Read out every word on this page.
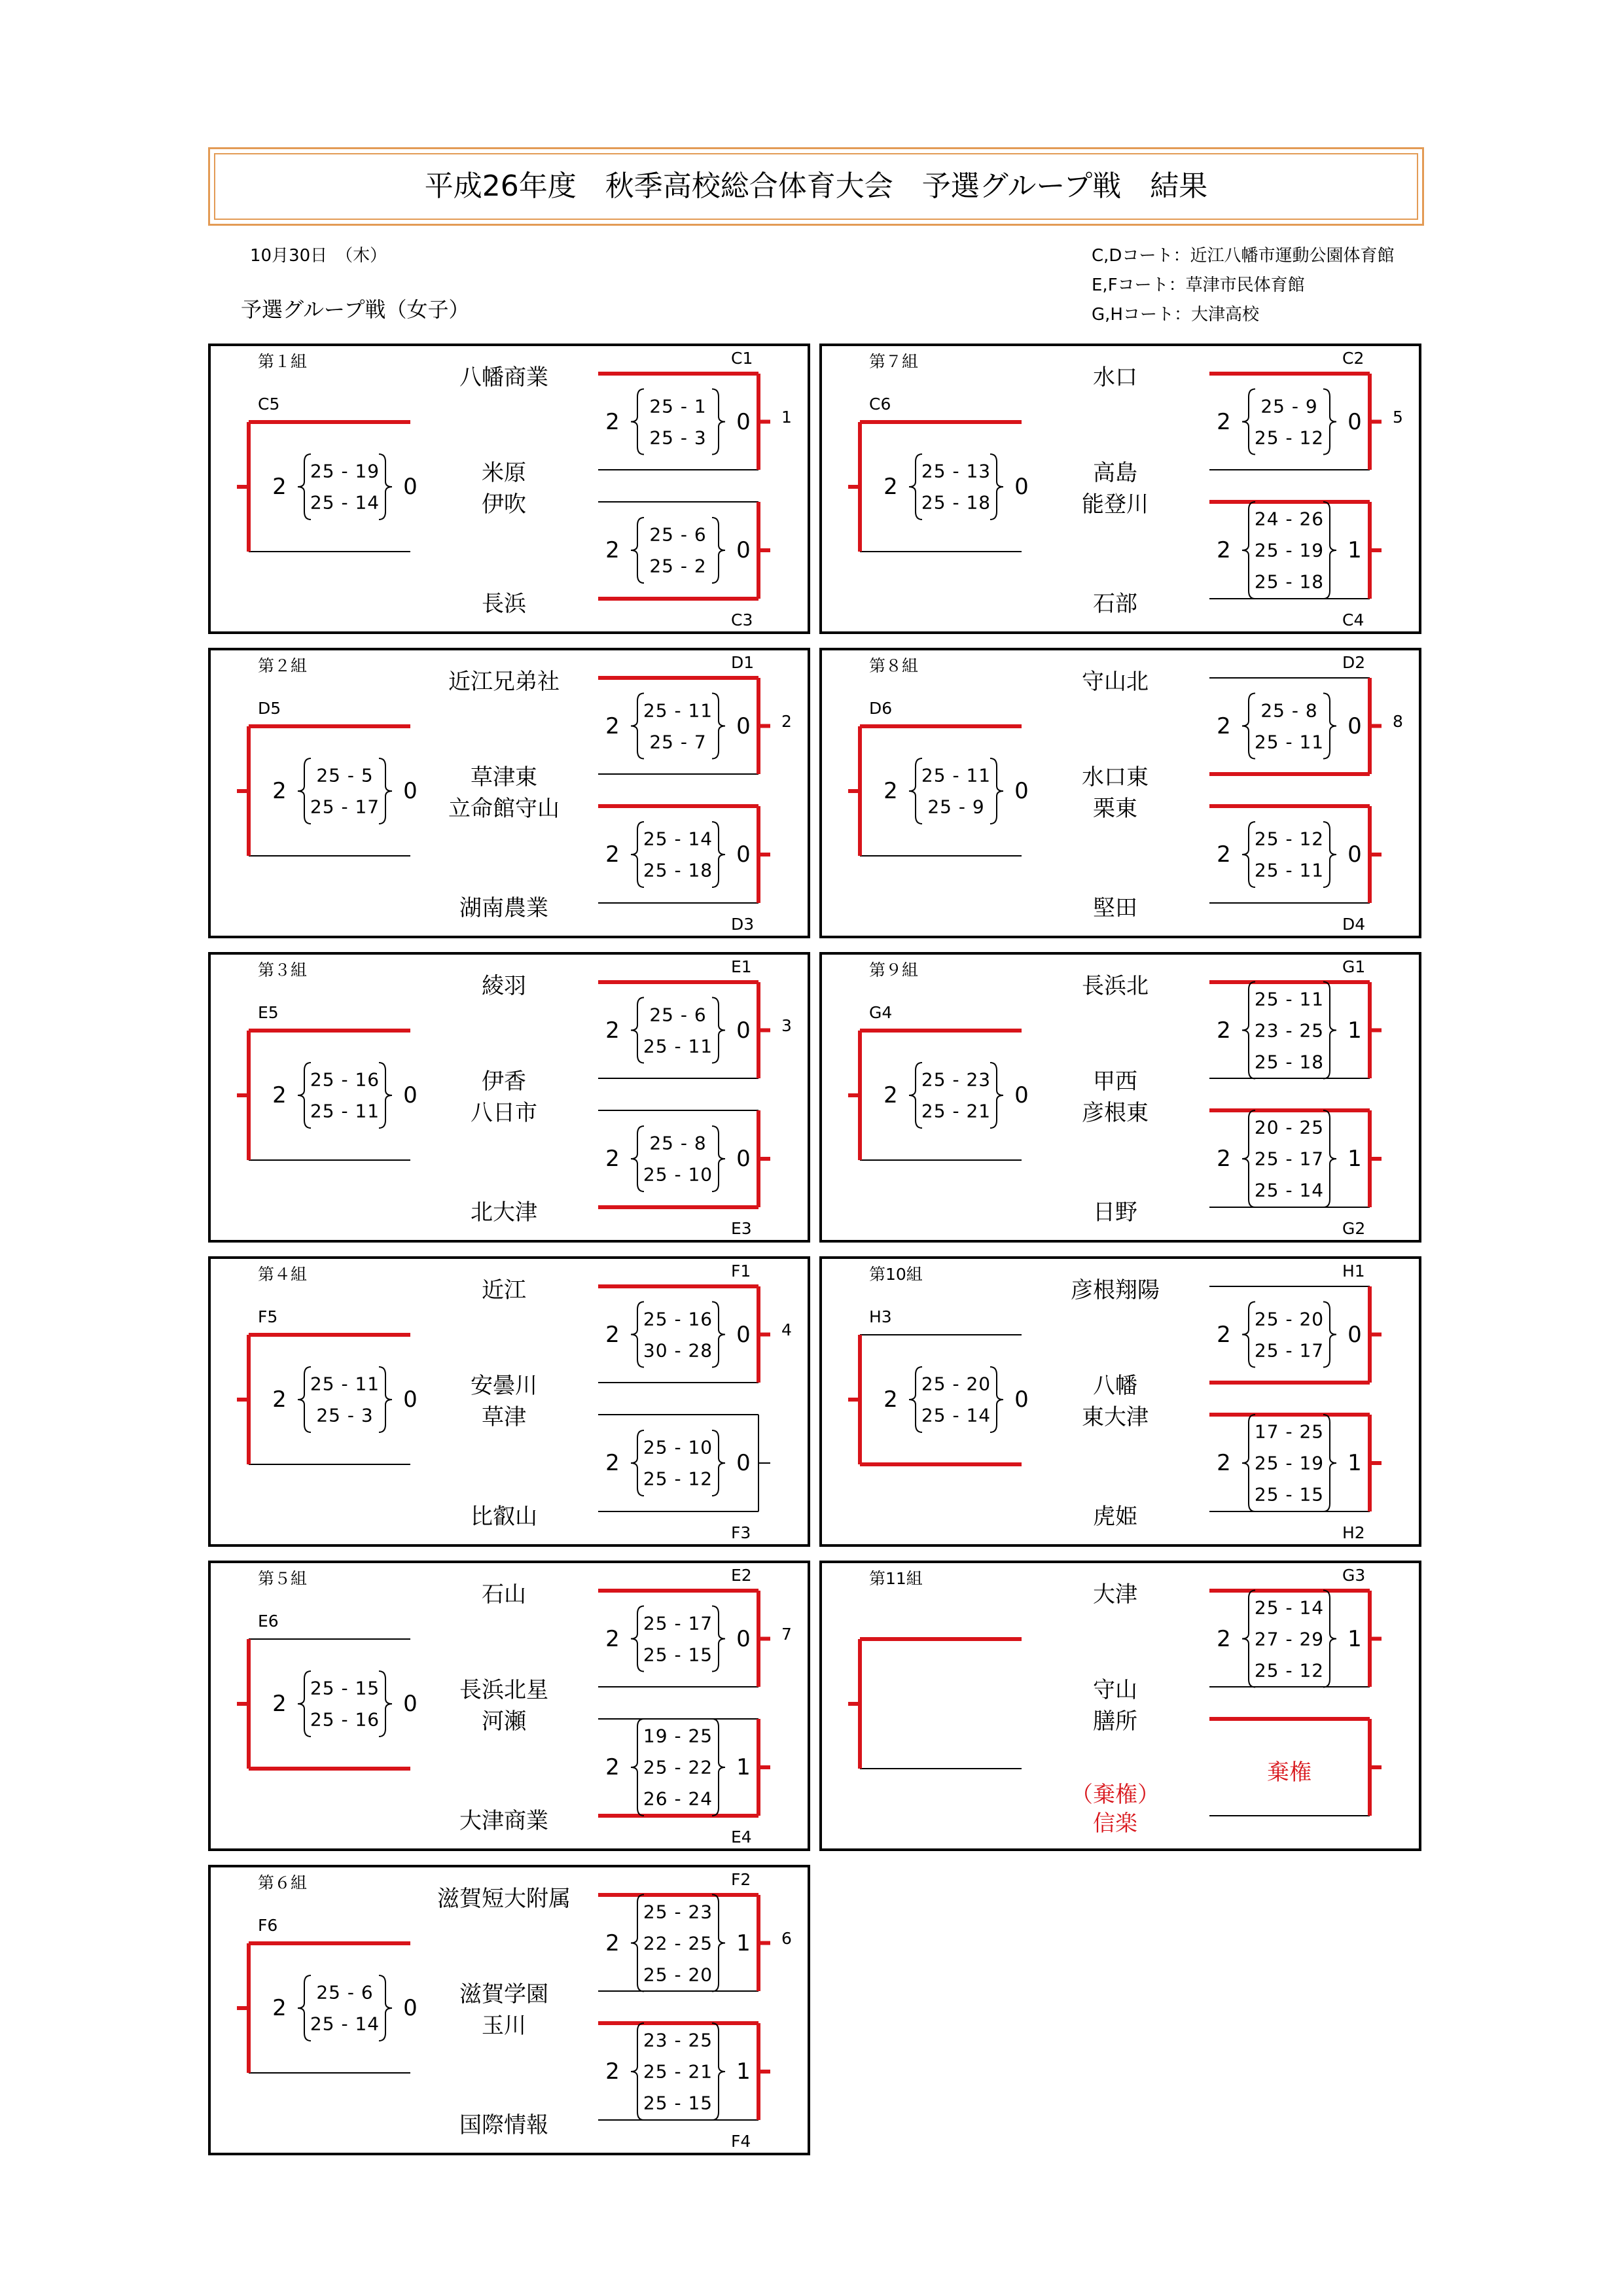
平成26年度　秋季高校総合体育大会　予選グループ戦　結果
10月30日　（木）
予選グループ戦（女子）
C,Dコート：近江八幡市運動公園体育館
E,Fコート：草津市民体育館
G,Hコート：大津高校
第１組	C1
C3
C5
1
八幡商業
米原
伊吹
長浜
25 - 19
25 - 14
2	0
25 - 1
25 - 3
2	0
25 - 6
25 - 2
2	0
第２組	D1
D3
D5
2
近江兄弟社
草津東
立命館守山
湖南農業
25 - 5
25 - 17
2	0
25 - 11
25 - 7
2	0
25 - 14
25 - 18
2	0
第３組	E1
E3
E5
3
綾羽
伊香
八日市
北大津
25 - 16
25 - 11
2	0
25 - 6
25 - 11
2	0
25 - 8
25 - 10
2	0
第４組	F1
F3
F5
4
近江
安曇川
草津
比叡山
25 - 11
25 - 3
2	0
25 - 16
30 - 28
2	0
25 - 10
25 - 12
2	0
第５組	E2
E4
E6
7
石山
長浜北星
河瀬
大津商業
25 - 15
25 - 16
2	0
25 - 17
25 - 15
2	0
19 - 25
25 - 22
26 - 24
2	1
第６組	F2
F4
F6
6
滋賀短大附属
滋賀学園
玉川
国際情報
25 - 6
25 - 14
2	0
25 - 23
22 - 25
25 - 20
2	1
23 - 25
25 - 21
25 - 15
2	1
第７組	C2
C4
C6
5
水口
高島
能登川
石部
25 - 13
25 - 18
2	0
25 - 9
25 - 12
2	0
24 - 26
25 - 19
25 - 18
2	1
第８組	D2
D4
D6
8
守山北
水口東
栗東
堅田
25 - 11
25 - 9
2	0
25 - 8
25 - 11
2	0
25 - 12
25 - 11
2	0
第９組	G1
G2
G4
長浜北
甲西
彦根東
日野
25 - 23
25 - 21
2	0
25 - 11
23 - 25
25 - 18
2	1
20 - 25
25 - 17
25 - 14
2	1
第10組	H1
H2
H3
彦根翔陽
八幡
東大津
虎姫
25 - 20
25 - 14
2	0
25 - 20
25 - 17
2	0
17 - 25
25 - 19
25 - 15
2	1
第11組	G3
大津
守山
膳所
（棄権）
信楽
25 - 14
27 - 29
25 - 12
2	1
棄権
